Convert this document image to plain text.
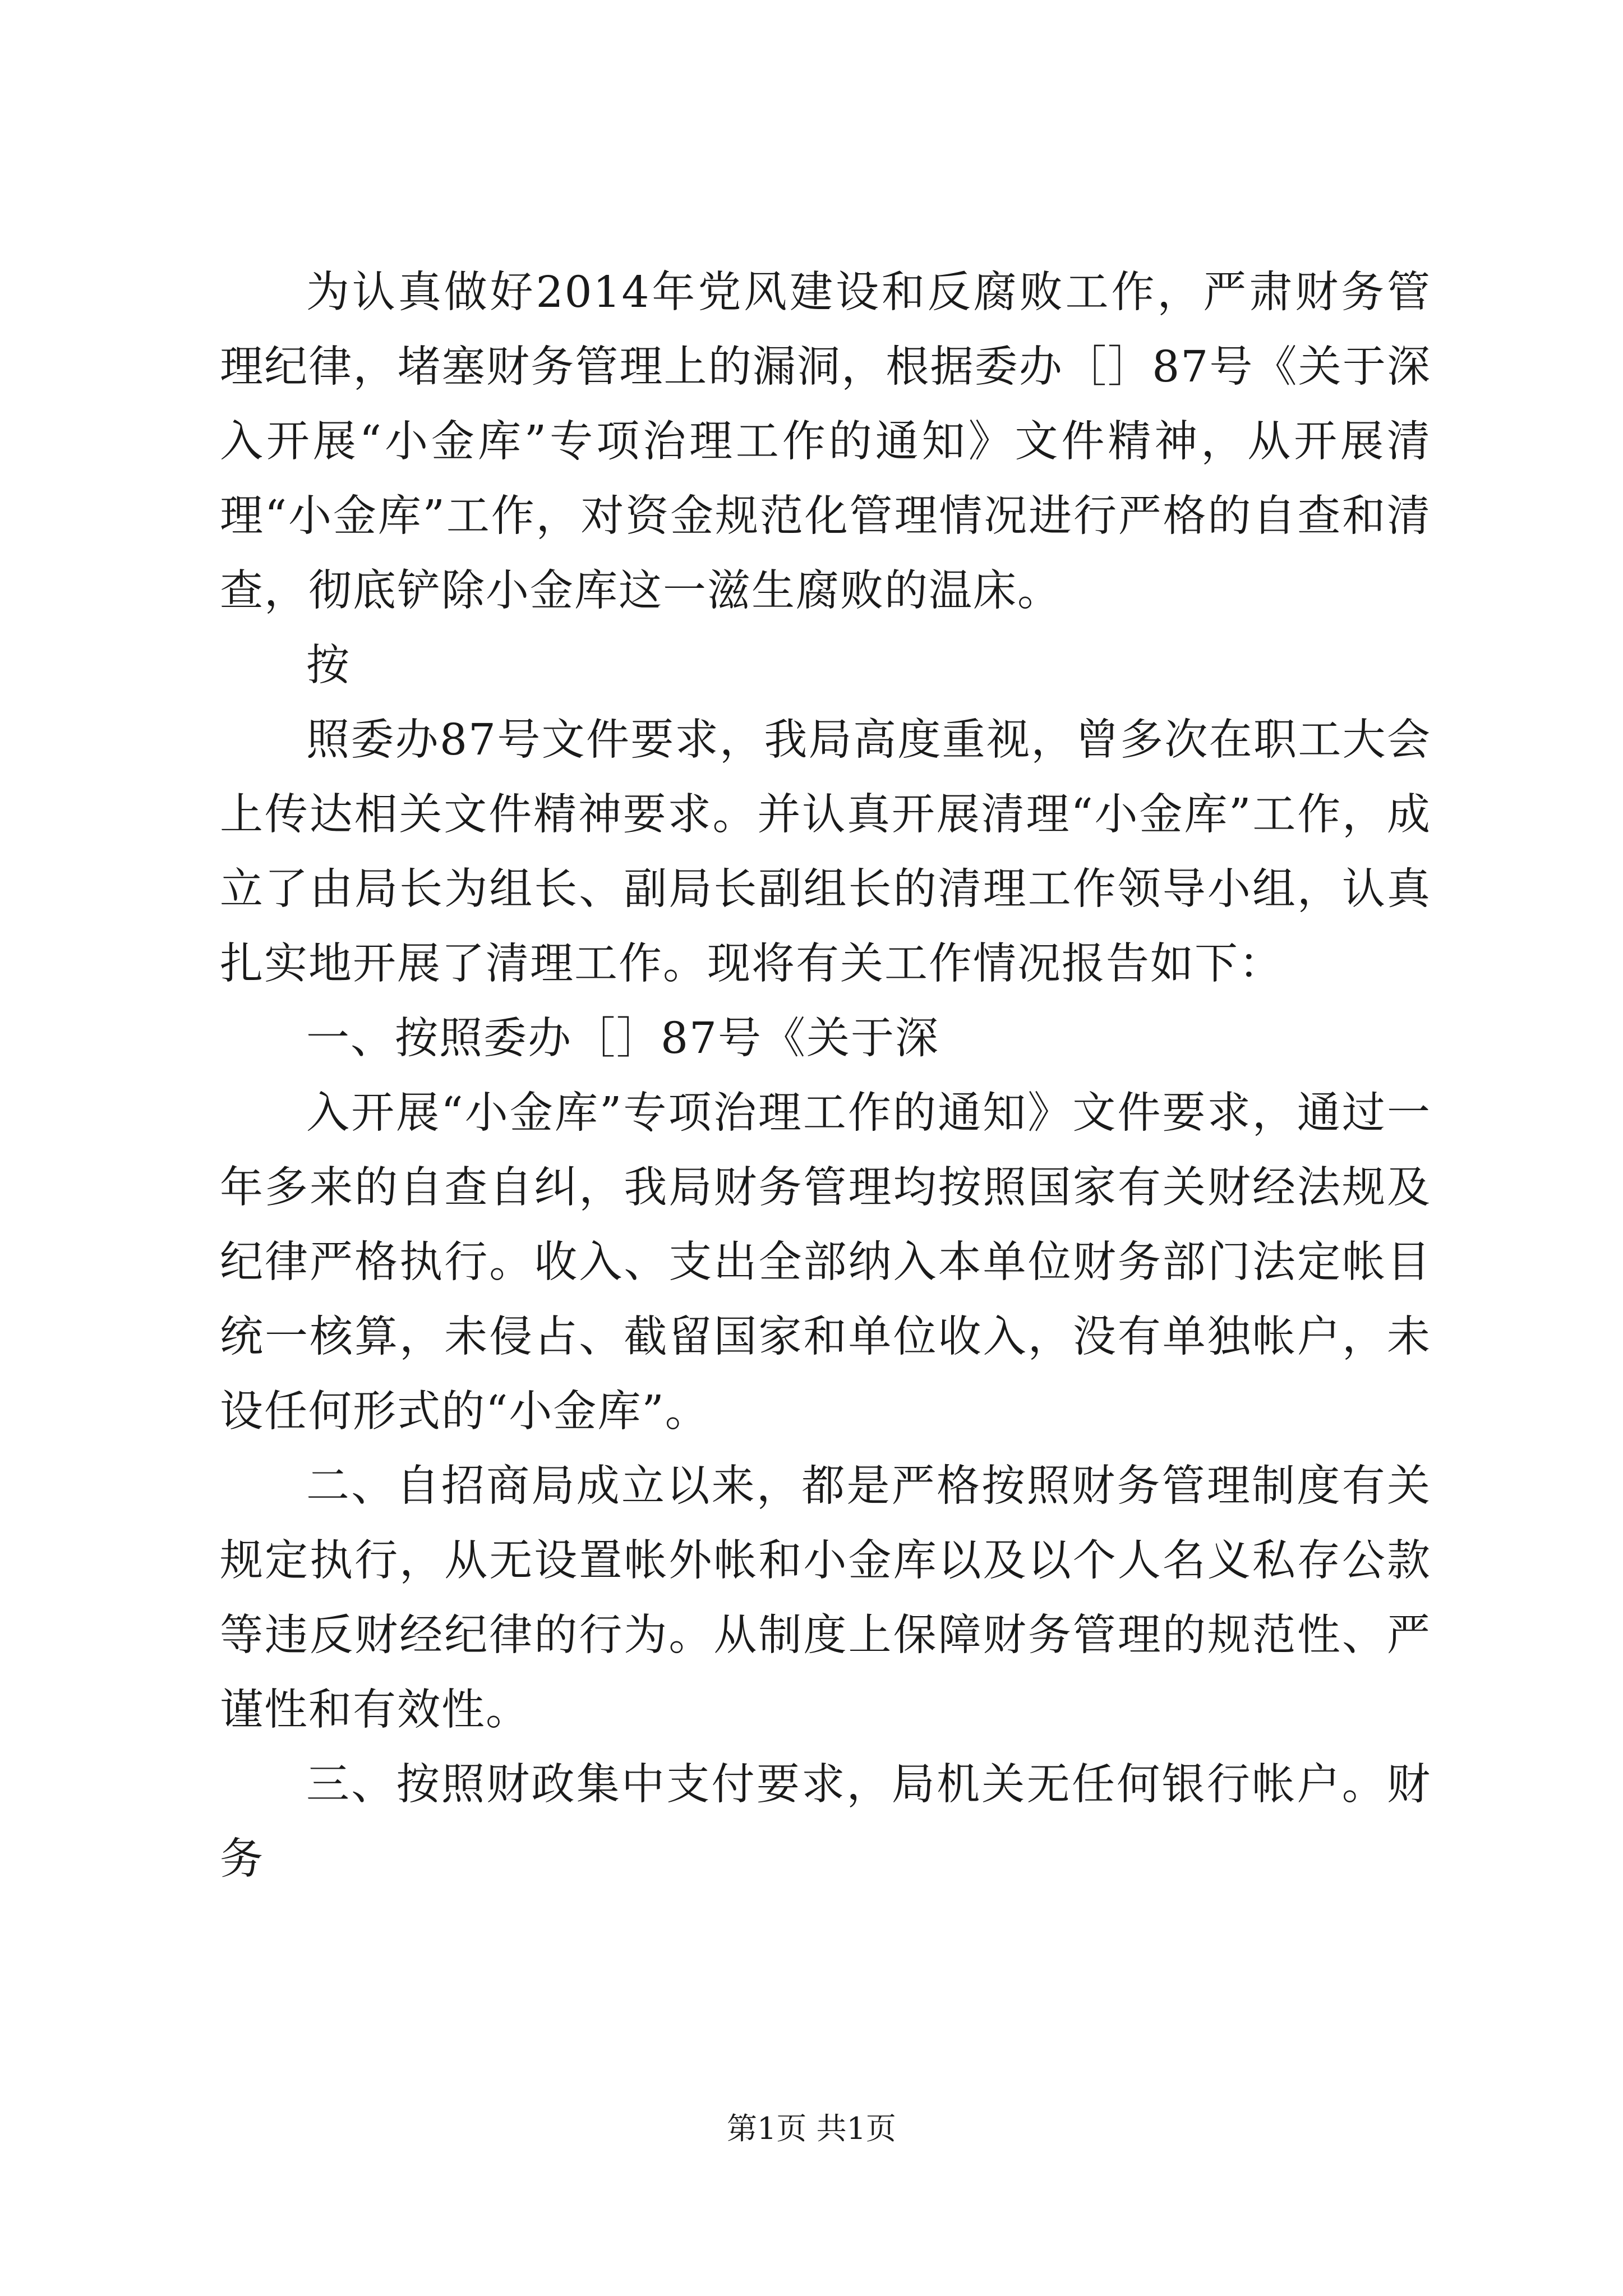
为认真做好2014年党风建设和反腐败工作，严肃财务管理纪律，堵塞财务管理上的漏洞，根据委办［］87号《关于深入开展“小金库”专项治理工作的通知》文件精神，从开展清理“小金库”工作，对资金规范化管理情况进行严格的自查和清查，彻底铲除小金库这一滋生腐败的温床。

按

照委办87号文件要求，我局高度重视，曾多次在职工大会上传达相关文件精神要求。并认真开展清理“小金库”工作，成立了由局长为组长、副局长副组长的清理工作领导小组，认真扎实地开展了清理工作。现将有关工作情况报告如下：

一、按照委办［］87号《关于深

入开展“小金库”专项治理工作的通知》文件要求，通过一年多来的自查自纠，我局财务管理均按照国家有关财经法规及纪律严格执行。收入、支出全部纳入本单位财务部门法定帐目统一核算，未侵占、截留国家和单位收入，没有单独帐户，未设任何形式的“小金库”。

二、自招商局成立以来，都是严格按照财务管理制度有关规定执行，从无设置帐外帐和小金库以及以个人名义私存公款等违反财经纪律的行为。从制度上保障财务管理的规范性、严谨性和有效性。

三、按照财政集中支付要求，局机关无任何银行帐户。财务

第1页 共1页
